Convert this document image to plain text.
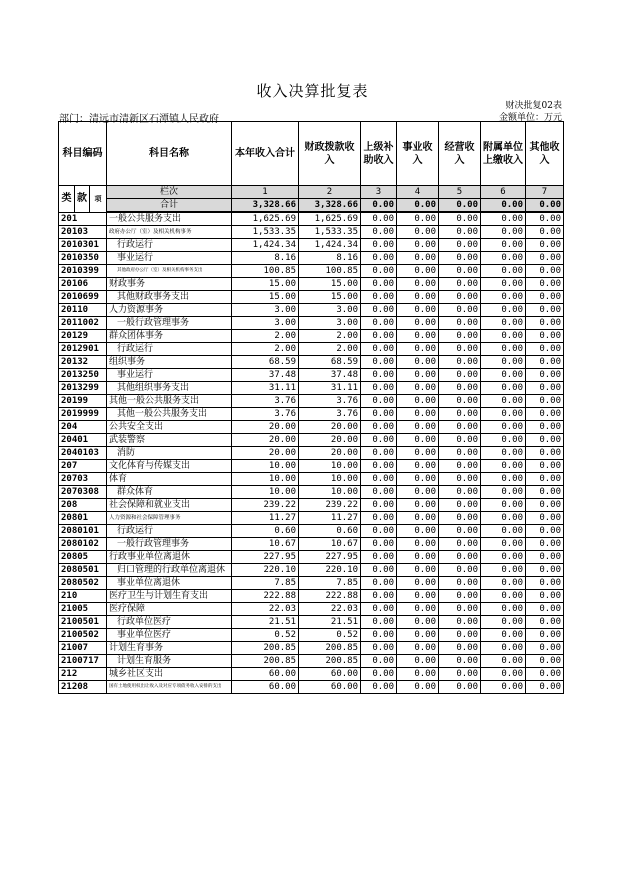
收入决算批复表
财决批复02表
部门：清远市清新区石潭镇人民政府	金额单位：万元
科目编码			科目名称	本年收入合计	财政拨款收入	上级补助收入	事业收入	经营收入	附属单位上缴收入	其他收入
类	款	项	栏次	1	2	3	4	5	6	7
			合计	3,328.66	3,328.66	0.00	0.00	0.00	0.00	0.00
201			一般公共服务支出	1,625.69	1,625.69	0.00	0.00	0.00	0.00	0.00
20103			政府办公厅（室）及相关机构事务	1,533.35	1,533.35	0.00	0.00	0.00	0.00	0.00
2010301			行政运行	1,424.34	1,424.34	0.00	0.00	0.00	0.00	0.00
2010350			事业运行	8.16	8.16	0.00	0.00	0.00	0.00	0.00
2010399			其他政府办公厅（室）及相关机构事务支出	100.85	100.85	0.00	0.00	0.00	0.00	0.00
20106			财政事务	15.00	15.00	0.00	0.00	0.00	0.00	0.00
2010699			其他财政事务支出	15.00	15.00	0.00	0.00	0.00	0.00	0.00
20110			人力资源事务	3.00	3.00	0.00	0.00	0.00	0.00	0.00
2011002			一般行政管理事务	3.00	3.00	0.00	0.00	0.00	0.00	0.00
20129			群众团体事务	2.00	2.00	0.00	0.00	0.00	0.00	0.00
2012901			行政运行	2.00	2.00	0.00	0.00	0.00	0.00	0.00
20132			组织事务	68.59	68.59	0.00	0.00	0.00	0.00	0.00
2013250			事业运行	37.48	37.48	0.00	0.00	0.00	0.00	0.00
2013299			其他组织事务支出	31.11	31.11	0.00	0.00	0.00	0.00	0.00
20199			其他一般公共服务支出	3.76	3.76	0.00	0.00	0.00	0.00	0.00
2019999			其他一般公共服务支出	3.76	3.76	0.00	0.00	0.00	0.00	0.00
204			公共安全支出	20.00	20.00	0.00	0.00	0.00	0.00	0.00
20401			武装警察	20.00	20.00	0.00	0.00	0.00	0.00	0.00
2040103			消防	20.00	20.00	0.00	0.00	0.00	0.00	0.00
207			文化体育与传媒支出	10.00	10.00	0.00	0.00	0.00	0.00	0.00
20703			体育	10.00	10.00	0.00	0.00	0.00	0.00	0.00
2070308			群众体育	10.00	10.00	0.00	0.00	0.00	0.00	0.00
208			社会保障和就业支出	239.22	239.22	0.00	0.00	0.00	0.00	0.00
20801			人力资源和社会保障管理事务	11.27	11.27	0.00	0.00	0.00	0.00	0.00
2080101			行政运行	0.60	0.60	0.00	0.00	0.00	0.00	0.00
2080102			一般行政管理事务	10.67	10.67	0.00	0.00	0.00	0.00	0.00
20805			行政事业单位离退休	227.95	227.95	0.00	0.00	0.00	0.00	0.00
2080501			归口管理的行政单位离退休	220.10	220.10	0.00	0.00	0.00	0.00	0.00
2080502			事业单位离退休	7.85	7.85	0.00	0.00	0.00	0.00	0.00
210			医疗卫生与计划生育支出	222.88	222.88	0.00	0.00	0.00	0.00	0.00
21005			医疗保障	22.03	22.03	0.00	0.00	0.00	0.00	0.00
2100501			行政单位医疗	21.51	21.51	0.00	0.00	0.00	0.00	0.00
2100502			事业单位医疗	0.52	0.52	0.00	0.00	0.00	0.00	0.00
21007			计划生育事务	200.85	200.85	0.00	0.00	0.00	0.00	0.00
2100717			计划生育服务	200.85	200.85	0.00	0.00	0.00	0.00	0.00
212			城乡社区支出	60.00	60.00	0.00	0.00	0.00	0.00	0.00
21208			国有土地使用权出让收入及对应专项债务收入安排的支出	60.00	60.00	0.00	0.00	0.00	0.00	0.00
